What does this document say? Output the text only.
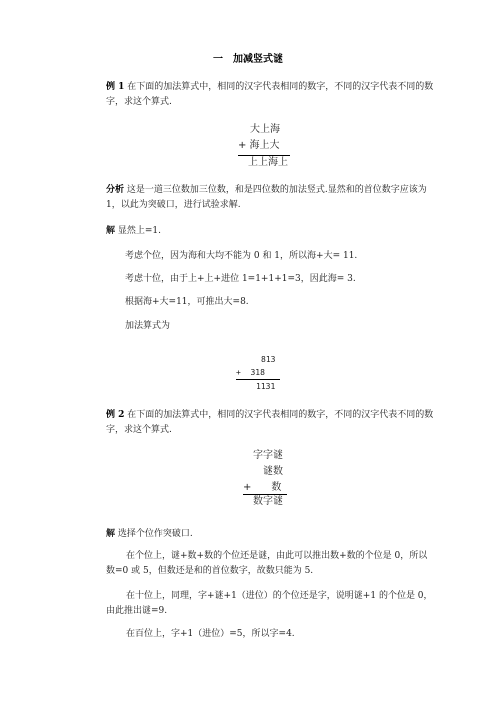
一　加减竖式谜
例 1 在下面的加法算式中，相同的汉字代表相同的数字，不同的汉字代表不同的数字，求这个算式.
大上海
+ 海上大
上上海上
分析 这是一道三位数加三位数，和是四位数的加法竖式.显然和的首位数字应该为 1，以此为突破口，进行试验求解.
解 显然上=1.
考虑个位，因为海和大均不能为 0 和 1，所以海+大= 11.
考虑十位，由于上+上+进位 1=1+1+1=3，因此海= 3.
根据海+大=11，可推出大=8.
加法算式为
813
+  318
1131
例 2 在下面的加法算式中，相同的汉字代表相同的数字，不同的汉字代表不同的数字，求这个算式.
字字谜
谜数
+　　数
数字谜
解 选择个位作突破口.
在个位上，谜+数+数的个位还是谜，由此可以推出数+数的个位是 0，所以数=0 或 5，但数还是和的首位数字，故数只能为 5.
在十位上，同理，字+谜+1（进位）的个位还是字，说明谜+1 的个位是 0，由此推出谜=9.
在百位上，字+1（进位）=5，所以字=4.
